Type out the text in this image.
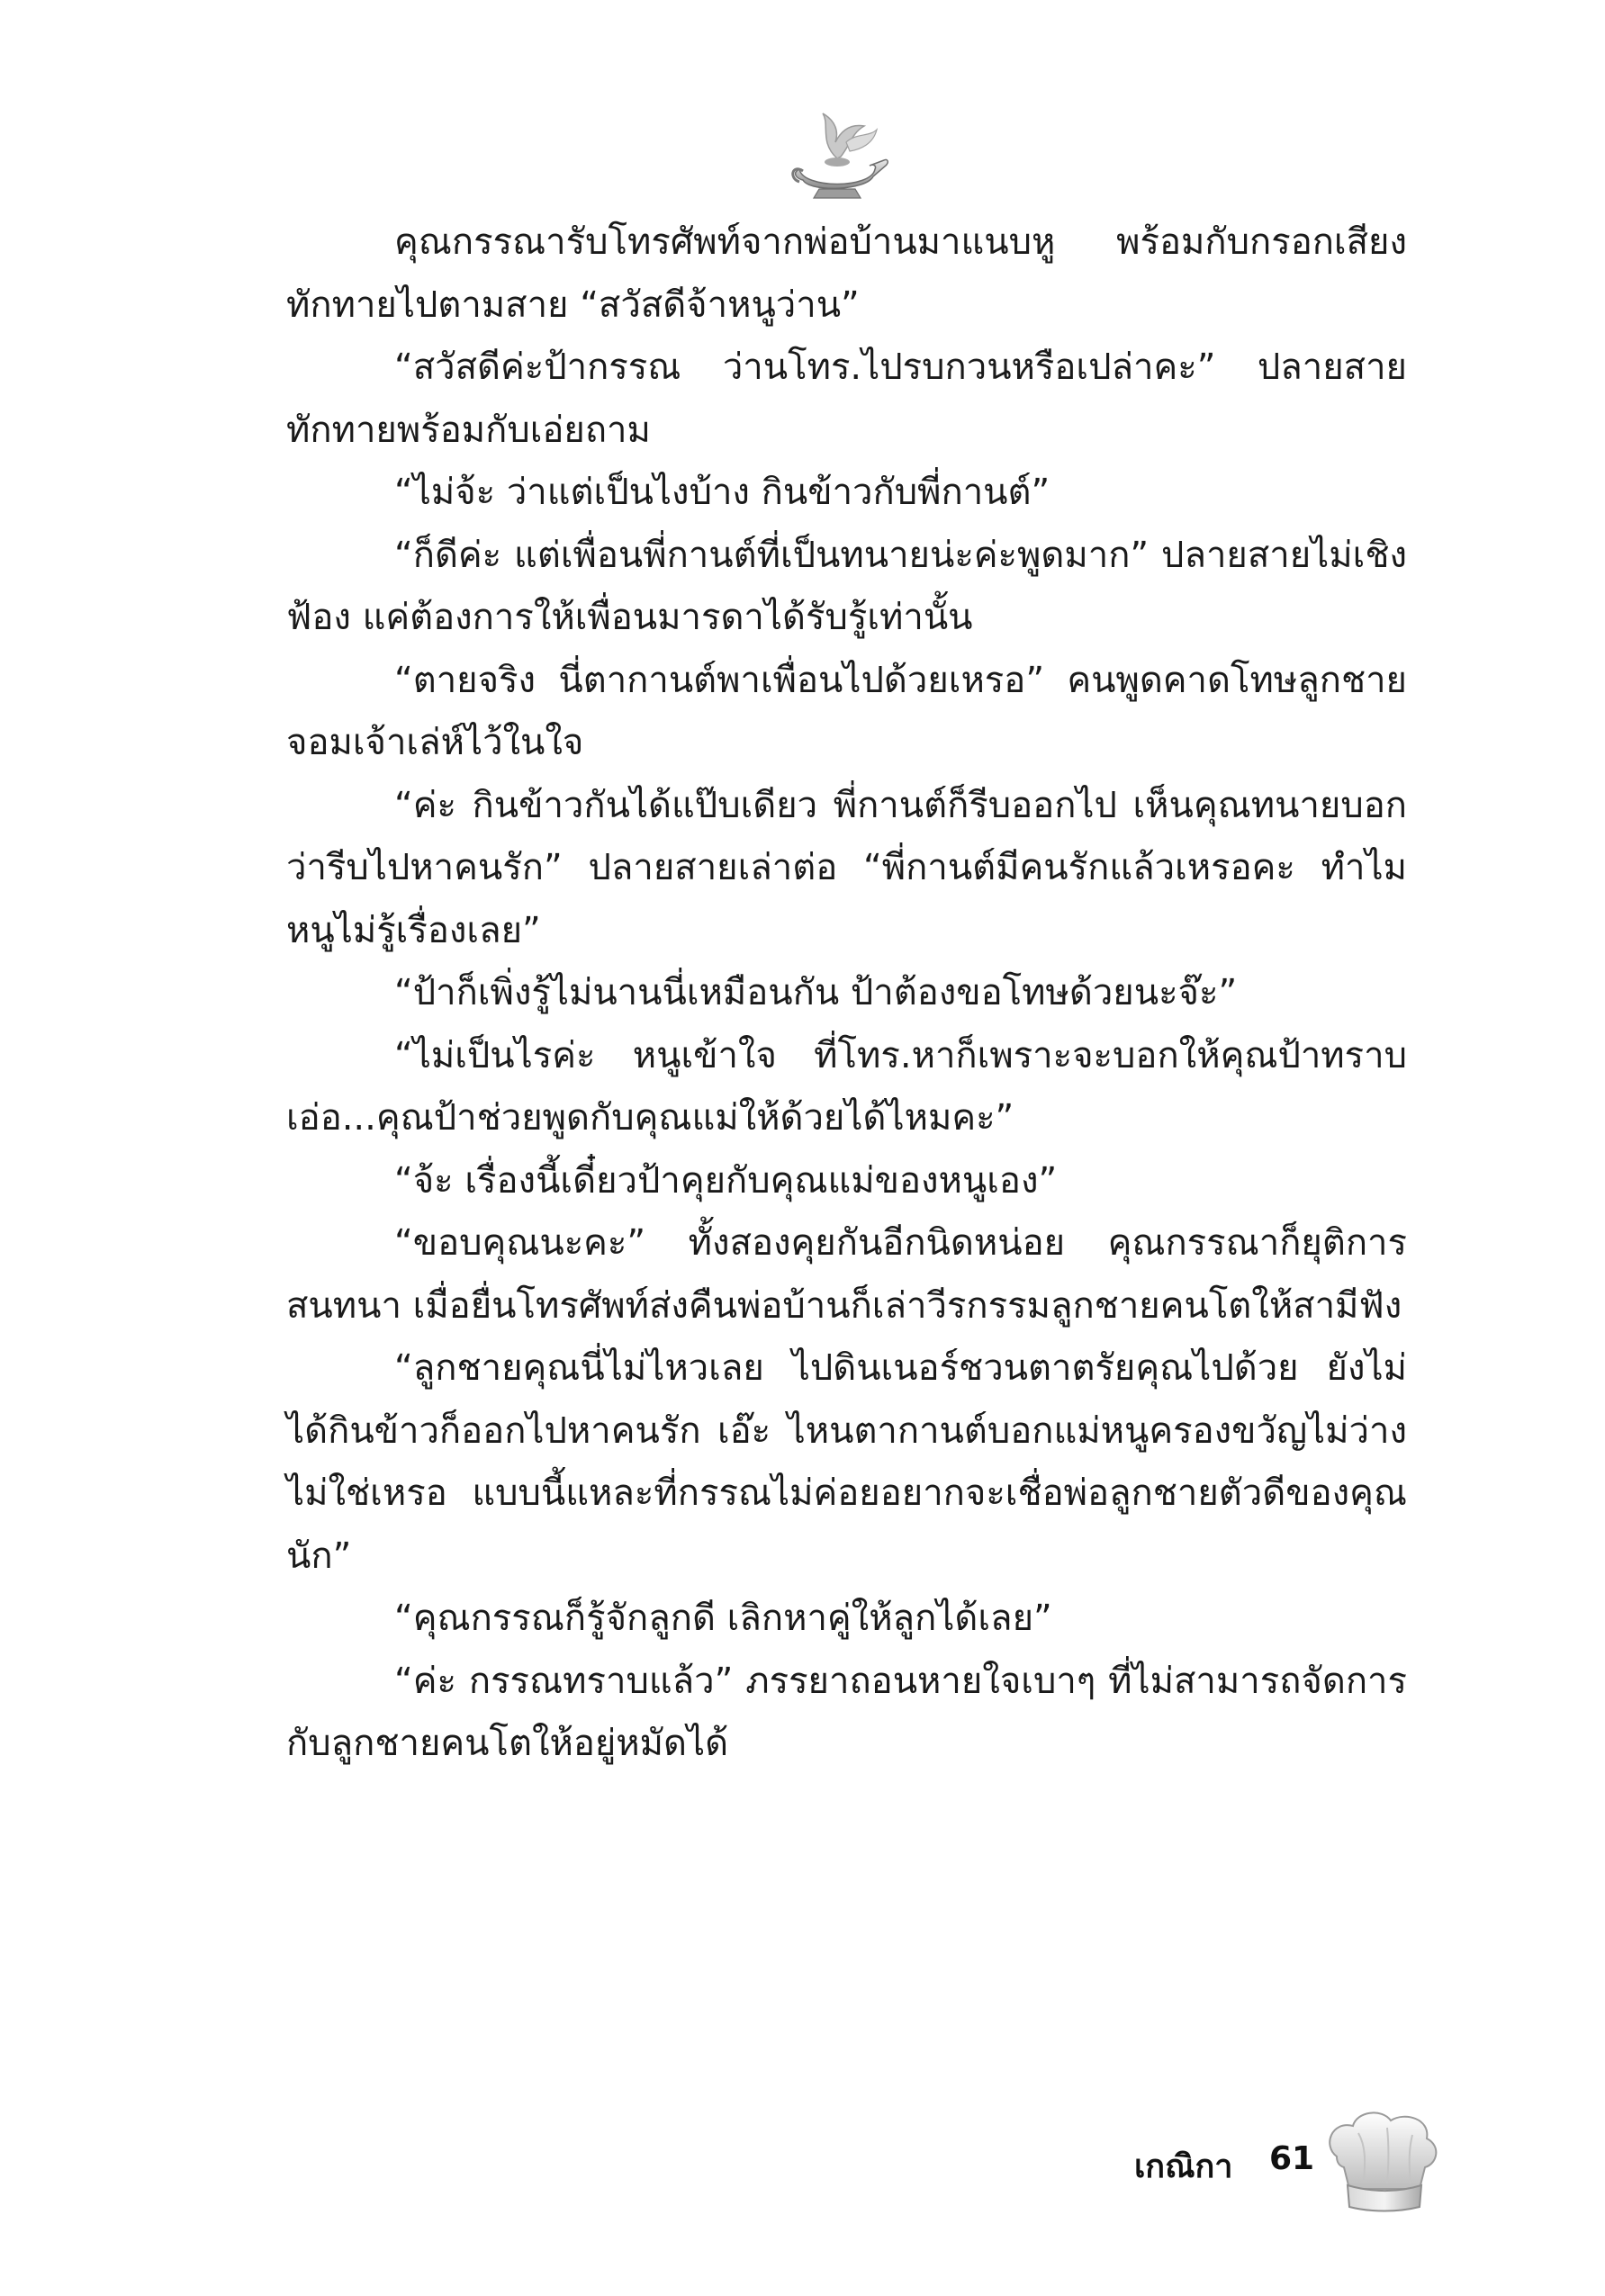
คุณกรรณารับโทรศัพท์จากพ่อบ้านมาแนบหู พร้อมกับกรอกเสียงทักทายไปตามสาย “สวัสดีจ้าหนูว่าน”

“สวัสดีค่ะป้ากรรณ ว่านโทร.ไปรบกวนหรือเปล่าคะ” ปลายสายทักทายพร้อมกับเอ่ยถาม

“ไม่จ้ะ ว่าแต่เป็นไงบ้าง กินข้าวกับพี่กานต์”

“ก็ดีค่ะ แต่เพื่อนพี่กานต์ที่เป็นทนายน่ะค่ะพูดมาก” ปลายสายไม่เชิงฟ้อง แค่ต้องการให้เพื่อนมารดาได้รับรู้เท่านั้น

“ตายจริง นี่ตากานต์พาเพื่อนไปด้วยเหรอ” คนพูดคาดโทษลูกชายจอมเจ้าเล่ห์ไว้ในใจ

“ค่ะ กินข้าวกันได้แป๊บเดียว พี่กานต์ก็รีบออกไป เห็นคุณทนายบอกว่ารีบไปหาคนรัก” ปลายสายเล่าต่อ “พี่กานต์มีคนรักแล้วเหรอคะ ทำไมหนูไม่รู้เรื่องเลย”

“ป้าก็เพิ่งรู้ไม่นานนี่เหมือนกัน ป้าต้องขอโทษด้วยนะจ๊ะ”

“ไม่เป็นไรค่ะ หนูเข้าใจ ที่โทร.หาก็เพราะจะบอกให้คุณป้าทราบ เอ่อ...คุณป้าช่วยพูดกับคุณแม่ให้ด้วยได้ไหมคะ”

“จ้ะ เรื่องนี้เดี๋ยวป้าคุยกับคุณแม่ของหนูเอง”

“ขอบคุณนะคะ” ทั้งสองคุยกันอีกนิดหน่อย คุณกรรณาก็ยุติการสนทนา เมื่อยื่นโทรศัพท์ส่งคืนพ่อบ้านก็เล่าวีรกรรมลูกชายคนโตให้สามีฟัง

“ลูกชายคุณนี่ไม่ไหวเลย ไปดินเนอร์ชวนตาตรัยคุณไปด้วย ยังไม่ได้กินข้าวก็ออกไปหาคนรัก เอ๊ะ ไหนตากานต์บอกแม่หนูครองขวัญไม่ว่างไม่ใช่เหรอ แบบนี้แหละที่กรรณไม่ค่อยอยากจะเชื่อพ่อลูกชายตัวดีของคุณนัก”

“คุณกรรณก็รู้จักลูกดี เลิกหาคู่ให้ลูกได้เลย”

“ค่ะ กรรณทราบแล้ว” ภรรยาถอนหายใจเบาๆ ที่ไม่สามารถจัดการกับลูกชายคนโตให้อยู่หมัดได้

เกณิกา 61
